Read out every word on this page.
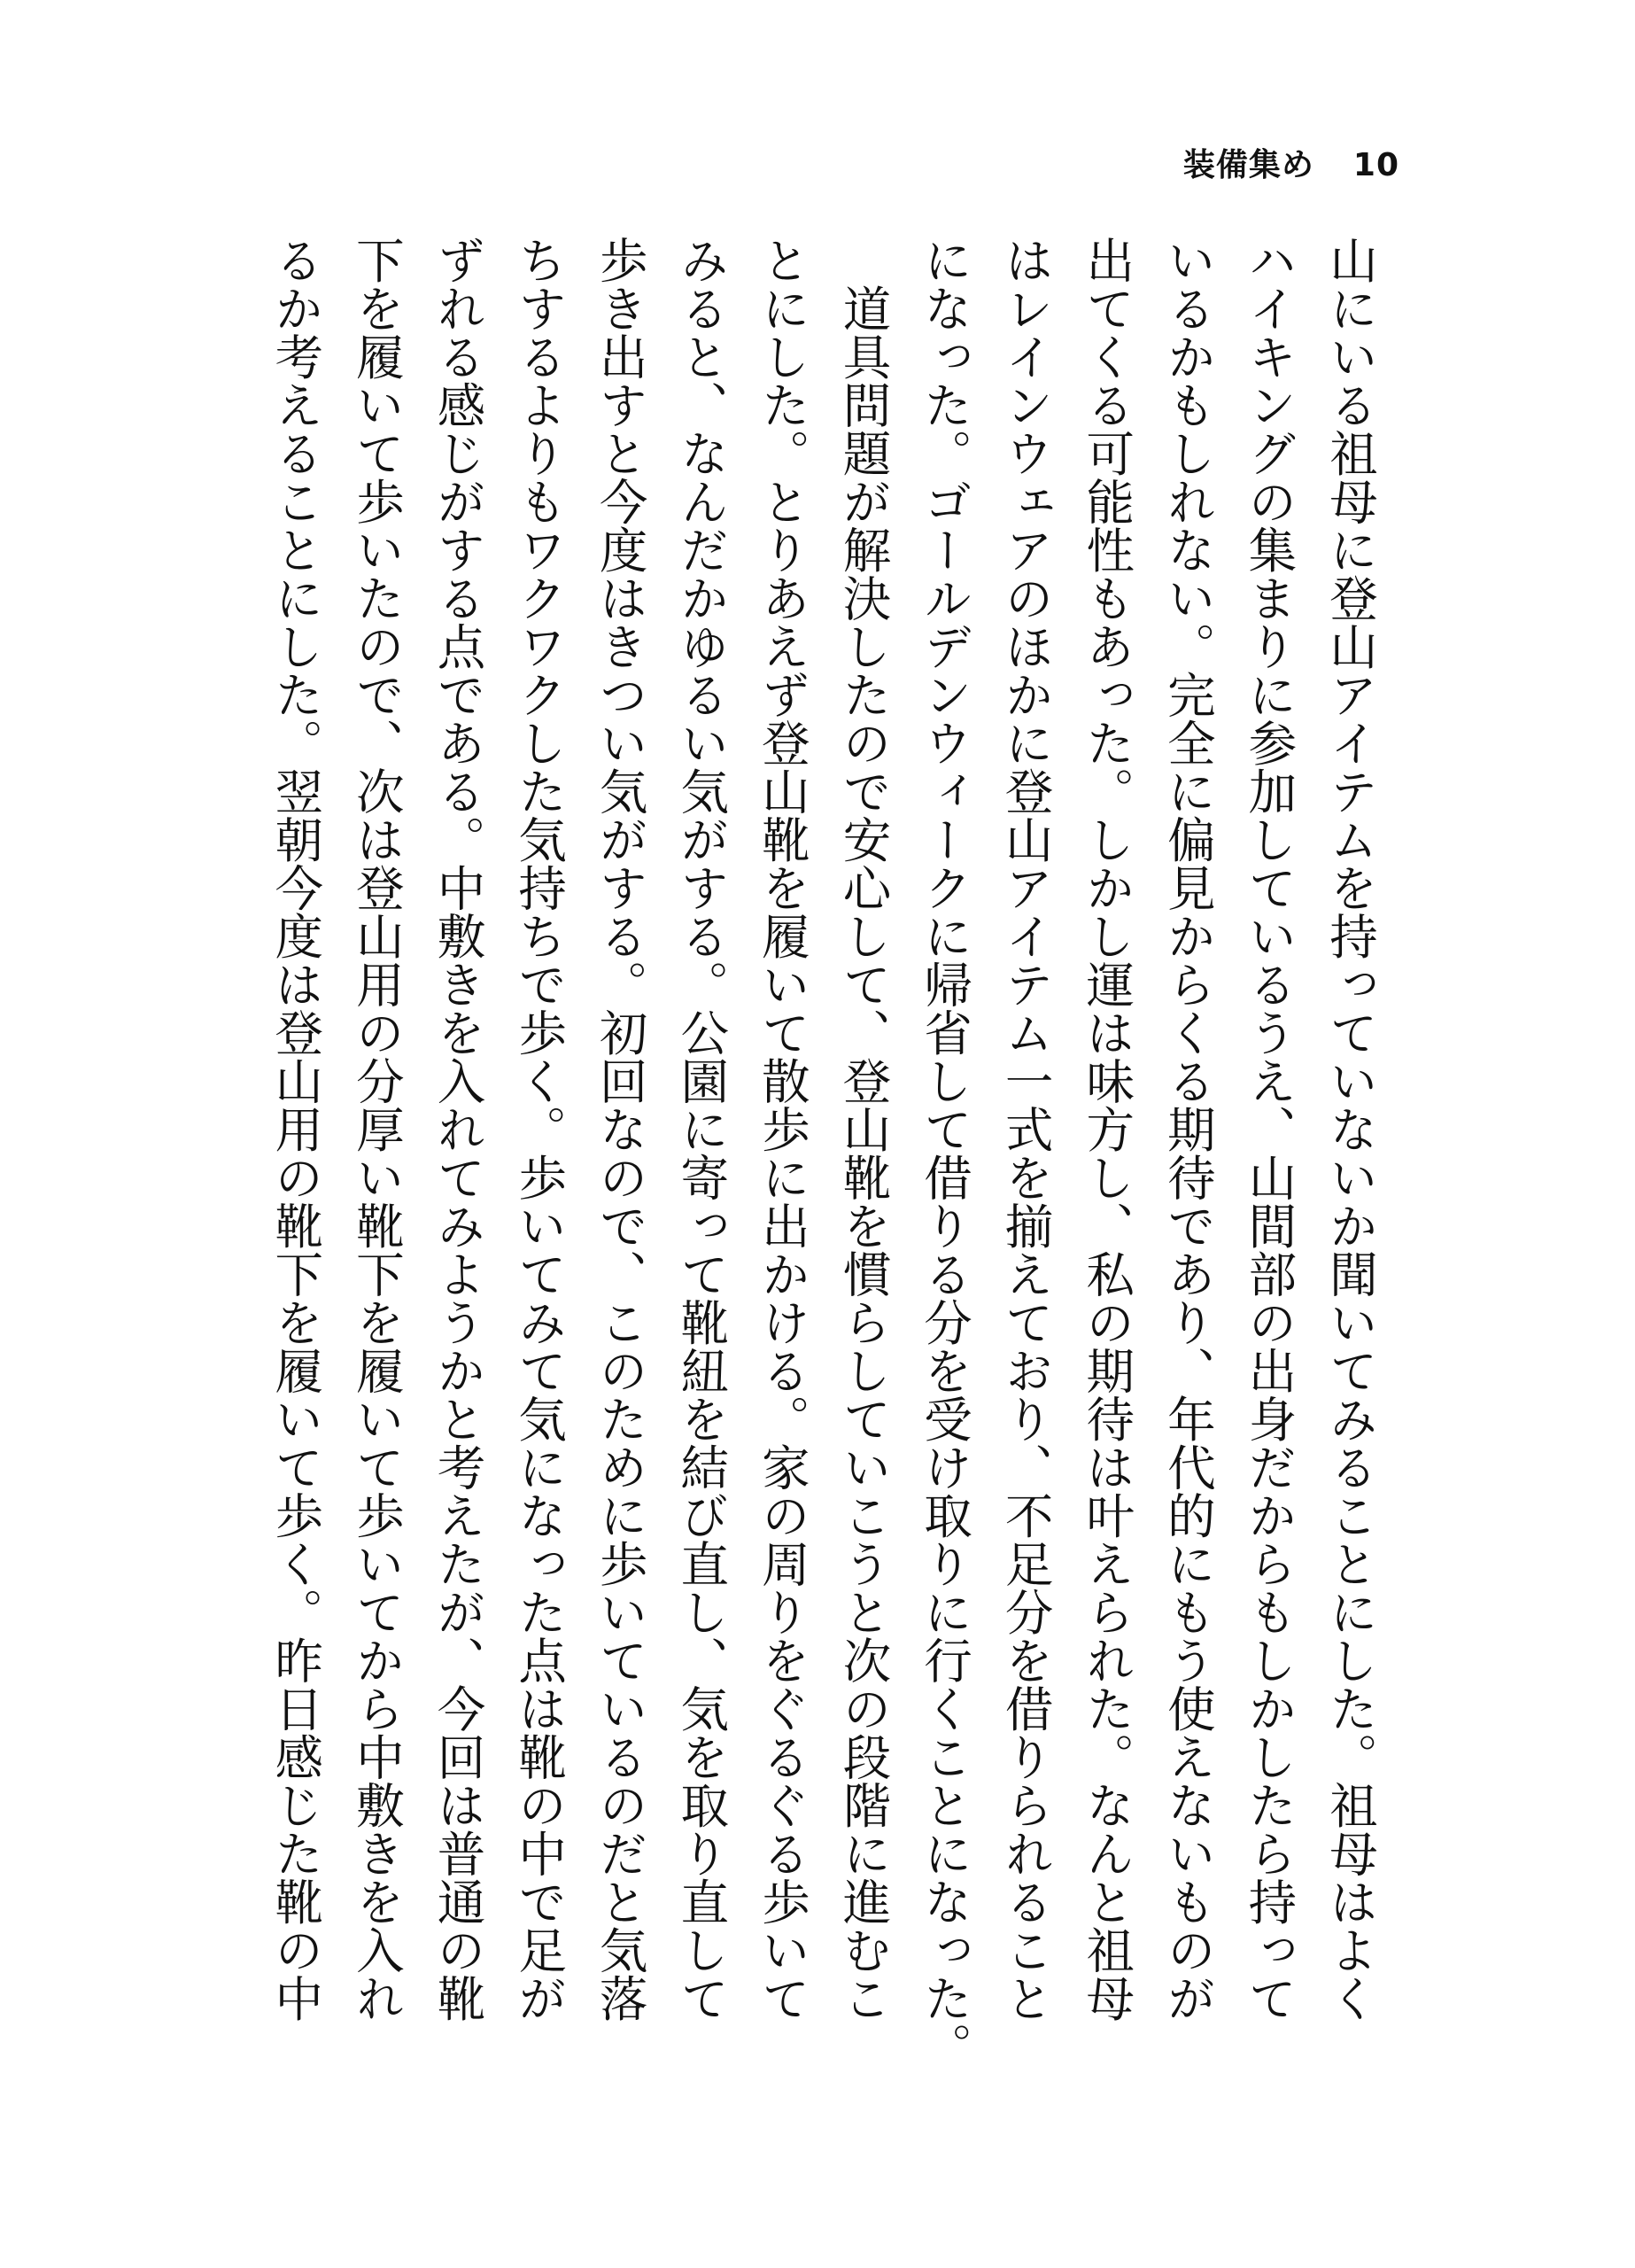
装備集め 10
山にいる祖母に登山アイテムを持っていないか聞いてみることにした。祖母はよく
ハイキングの集まりに参加しているうえ、山間部の出身だからもしかしたら持って
いるかもしれない。完全に偏見からくる期待であり、年代的にもう使えないものが
出てくる可能性もあった。しかし運は味方し、私の期待は叶えられた。なんと祖母
はレインウェアのほかに登山アイテム一式を揃えており、不足分を借りられること
になった。ゴールデンウィークに帰省して借りる分を受け取りに行くことになった。
　道具問題が解決したので安心して、登山靴を慣らしていこうと次の段階に進むこ
とにした。とりあえず登山靴を履いて散歩に出かける。家の周りをぐるぐる歩いて
みると、なんだかゆるい気がする。公園に寄って靴紐を結び直し、気を取り直して
歩き出すと今度はきつい気がする。初回なので、このために歩いているのだと気落
ちするよりもワクワクした気持ちで歩く。歩いてみて気になった点は靴の中で足が
ずれる感じがする点である。中敷きを入れてみようかと考えたが、今回は普通の靴
下を履いて歩いたので、次は登山用の分厚い靴下を履いて歩いてから中敷きを入れ
るか考えることにした。翌朝今度は登山用の靴下を履いて歩く。昨日感じた靴の中
